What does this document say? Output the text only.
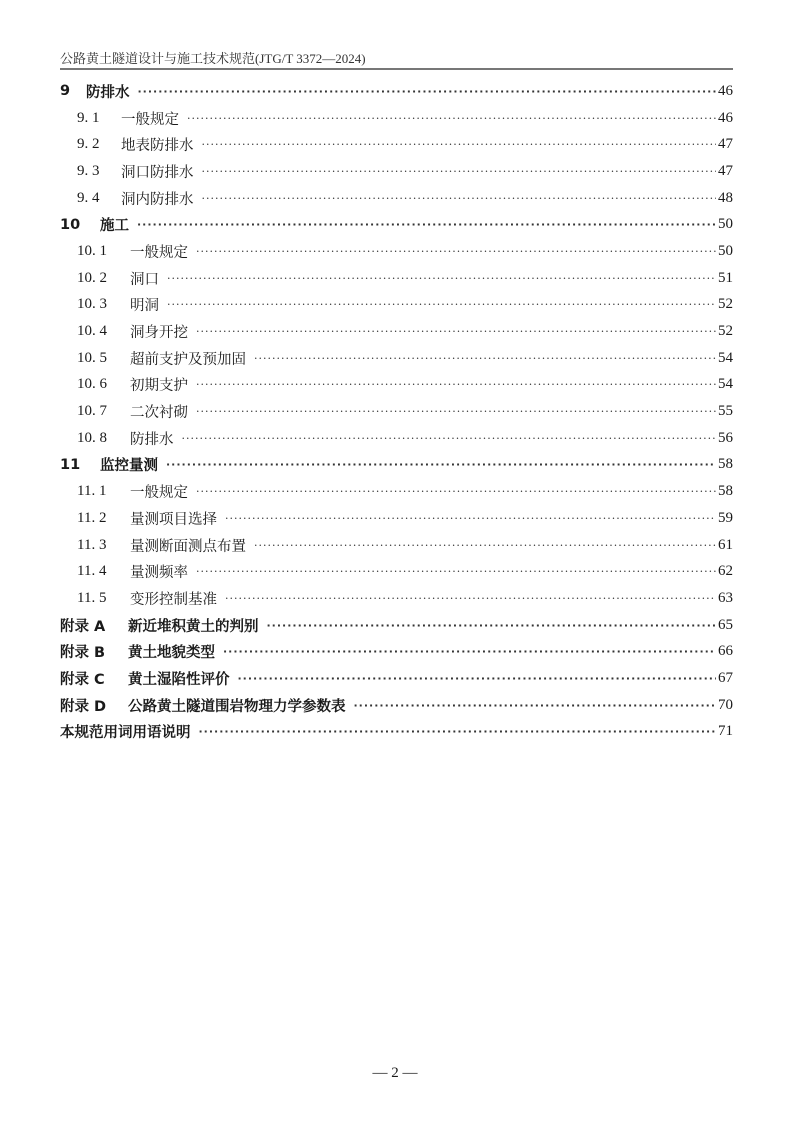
公路黄土隧道设计与施工技术规范(JTG/T 3372—2024)
9	防排水 ·····	46
9. 1	一般规定 ·····	46
9. 2	地表防排水 ·····	47
9. 3	洞口防排水 ·····	47
9. 4	洞内防排水 ·····	48
10	施工 ·····	50
10. 1	一般规定 ·····	50
10. 2	洞口 ·····	51
10. 3	明洞 ·····	52
10. 4	洞身开挖 ·····	52
10. 5	超前支护及预加固 ·····	54
10. 6	初期支护 ·····	54
10. 7	二次衬砌 ·····	55
10. 8	防排水 ·····	56
11	监控量测 ·····	58
11. 1	一般规定 ·····	58
11. 2	量测项目选择 ·····	59
11. 3	量测断面测点布置 ·····	61
11. 4	量测频率 ·····	62
11. 5	变形控制基准 ·····	63
附录 A	新近堆积黄土的判别 ·····	65
附录 B	黄土地貌类型 ·····	66
附录 C	黄土湿陷性评价 ·····	67
附录 D	公路黄土隧道围岩物理力学参数表 ·····	70
本规范用词用语说明 ·····	71
— 2 —
